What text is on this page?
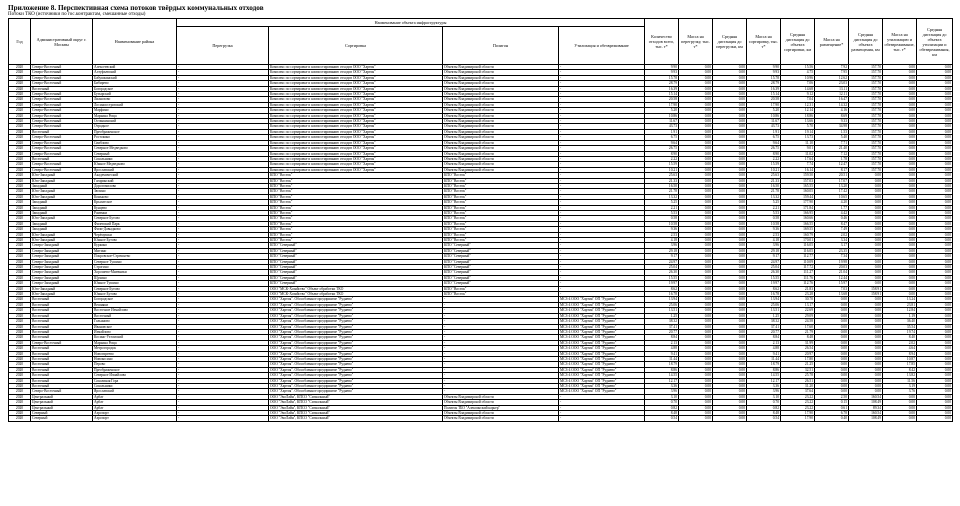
Приложение 8. Перспективная схема потоков твёрдых коммунальных отходов
Потоки ТКО (источники по гос.контрактам, смешанные отходы)
Год	Административный округ г. Москвы	Наименование района	Наименование объекта инфраструктуры				Количество отходов всего, тыс. т*	Масса на перегрузку, тыс. т*	Средняя дистанция до перегрузки, км	Масса на сортировку, тыс. т*	Средняя дистанция до объекта сортировки, км	Масса на размещение*	Средняя дистанция до объекта размещения, км	Масса на утилизацию и обезвреживание, тыс. т*	Средняя дистанция до объекта утилизации и обезвреживания, км
			Перегрузка	Сортировка	Полигон	Утилизация и обезвреживание									
2020	Северо-Восточный	Алексеевский	-	Комплекс по сортировке и компостированию отходов ООО "Хартия"	Объекты Владимирской области	-	9.90	0.00	0.00	9.90	15.56	7.92	157.70	0.00	0.00
2020	Северо-Восточный	Алтуфьевский	-	Комплекс по сортировке и компостированию отходов ООО "Хартия"	Объекты Владимирской области	-	9.93	0.00	0.00	9.93	4.75	7.95	157.70	0.00	0.00
2020	Северо-Восточный	Бабушкинский	-	Комплекс по сортировке и компостированию отходов ООО "Хартия"	Объекты Владимирской области	-	15.78	0.00	0.00	15.78	10.96	12.62	157.70	0.00	0.00
2020	Северо-Восточный	Бибирево	-	Комплекс по сортировке и компостированию отходов ООО "Хартия"	Объекты Владимирской области	-	28.79	0.00	0.00	28.79	7.06	23.03	157.70	0.00	0.00
2020	Восточный	Богородское	-	Комплекс по сортировке и компостированию отходов ООО "Хартия"	Объекты Владимирской области	-	16.39	0.00	0.00	16.39	14.68	13.11	157.70	0.00	0.00
2020	Северо-Восточный	Бутырский	-	Комплекс по сортировке и компостированию отходов ООО "Хартия"	Объекты Владимирской области	-	15.14	0.00	0.00	15.14	9.12	12.11	157.70	0.00	0.00
2020	Северо-Восточный	Лианозово	-	Комплекс по сортировке и компостированию отходов ООО "Хартия"	Объекты Владимирской области	-	20.58	0.00	0.00	20.58	7.04	16.47	157.70	0.00	0.00
2020	Северо-Восточный	Лосиноостровский	-	Комплекс по сортировке и компостированию отходов ООО "Хартия"	Объекты Владимирской области	-	17.90	0.00	0.00	17.90	12.31	14.32	157.70	0.00	0.00
2020	Северо-Восточный	Марфино	-	Комплекс по сортировке и компостированию отходов ООО "Хартия"	Объекты Владимирской области	-	5.20	0.00	0.00	5.20	12.14	4.16	157.70	0.00	0.00
2020	Северо-Восточный	Марьина Роща	-	Комплекс по сортировке и компостированию отходов ООО "Хартия"	Объекты Владимирской области	-	10.86	0.00	0.00	10.86	18.86	8.69	157.70	0.00	0.00
2020	Северо-Восточный	Останкинский	-	Комплекс по сортировке и компостированию отходов ООО "Хартия"	Объекты Владимирской области	-	11.67	0.00	0.00	11.67	13.66	9.33	157.70	0.00	0.00
2020	Северо-Восточный	Отрадное	-	Комплекс по сортировке и компостированию отходов ООО "Хартия"	Объекты Владимирской области	-	43.73	0.00	0.00	43.73	5.70	34.98	157.70	0.00	0.00
2020	Восточный	Преображенское	-	Комплекс по сортировке и компостированию отходов ООО "Хартия"	Объекты Владимирской области	-	1.91	0.00	0.00	1.91	19.14	1.53	157.70	0.00	0.00
2020	Северо-Восточный	Ростокино	-	Комплекс по сортировке и компостированию отходов ООО "Хартия"	Объекты Владимирской области	-	6.75	0.00	0.00	6.75	13.73	5.40	157.70	0.00	0.00
2020	Северо-Восточный	Свиблово	-	Комплекс по сортировке и компостированию отходов ООО "Хартия"	Объекты Владимирской области	-	9.64	0.00	0.00	9.64	11.10	7.71	157.70	0.00	0.00
2020	Северо-Восточный	Северное Медведково	-	Комплекс по сортировке и компостированию отходов ООО "Хартия"	Объекты Владимирской области	-	26.75	0.00	0.00	26.75	9.01	21.40	157.70	0.00	0.00
2020	Северо-Восточный	Северный	-	Комплекс по сортировке и компостированию отходов ООО "Хартия"	Объекты Владимирской области	-	8.90	0.00	0.00	8.90	11.02	7.12	157.70	0.00	0.00
2020	Восточный	Сокольники	-	Комплекс по сортировке и компостированию отходов ООО "Хартия"	Объекты Владимирской области	-	2.22	0.00	0.00	2.22	17.64	1.78	157.70	0.00	0.00
2020	Северо-Восточный	Южное Медведково	-	Комплекс по сортировке и компостированию отходов ООО "Хартия"	Объекты Владимирской области	-	15.59	0.00	0.00	15.59	7.74	12.47	157.70	0.00	0.00
2020	Северо-Восточный	Ярославский	-	Комплекс по сортировке и компостированию отходов ООО "Хартия"	Объекты Владимирской области	-	10.21	0.00	0.00	10.21	16.14	8.17	157.70	0.00	0.00
2020	Юго-Западный	Академический	-	КПО "Восток"	КПО "Восток"	-	25.63	0.00	0.00	25.63	159.50	20.51	0.00	0.00	0.00
2020	Юго-Западный	Гагаринский	-	КПО "Восток"	КПО "Восток"	-	21.33	0.00	0.00	21.33	157.03	17.07	0.00	0.00	0.00
2020	Западный	Дорогомилово	-	КПО "Восток"	КПО "Восток"	-	16.50	0.00	0.00	16.50	165.55	13.20	0.00	0.00	0.00
2020	Юго-Западный	Зюзино	-	КПО "Восток"	КПО "Восток"	-	21.78	0.00	0.00	21.78	160.05	17.42	0.00	0.00	0.00
2020	Юго-Западный	Коньково	-	КПО "Восток"	КПО "Восток"	-	13.32	0.00	0.00	13.32	159.44	10.65	0.00	0.00	0.00
2020	Западный	Крылатское	-	КПО "Восток"	КПО "Восток"	-	5.25	0.00	0.00	5.25	177.90	4.20	0.00	0.00	0.00
2020	Западный	Кунцево	-	КПО "Восток"	КПО "Восток"	-	2.21	0.00	0.00	2.21	171.84	1.77	0.00	0.00	0.00
2020	Западный	Раменки	-	КПО "Восток"	КПО "Восток"	-	5.53	0.00	0.00	5.53	166.95	4.42	0.00	0.00	0.00
2020	Юго-Западный	Северное Бутово	-	КПО "Восток"	КПО "Восток"	-	0.58	0.00	0.00	0.58	160.66	0.46	0.00	0.00	0.00
2020	Западный	Филевский Парк	-	КПО "Восток"	КПО "Восток"	-	10.58	0.00	0.00	10.58	166.55	8.47	0.00	0.00	0.00
2020	Западный	Фили-Давыдково	-	КПО "Восток"	КПО "Восток"	-	9.36	0.00	0.00	9.36	169.55	7.49	0.00	0.00	0.00
2020	Юго-Западный	Черёмушки	-	КПО "Восток"	КПО "Восток"	-	2.53	0.00	0.00	2.53	160.79	2.02	0.00	0.00	0.00
2020	Юго-Западный	Южное Бутово	-	КПО "Восток"	КПО "Восток"	-	4.18	0.00	0.00	4.18	170.01	3.34	0.00	0.00	0.00
2020	Северо-Западный	Куркино	-	КПО "Северный"	КПО "Северный"	-	3.96	0.00	0.00	3.96	116.05	3.17	0.00	0.00	0.00
2020	Северо-Западный	Митино	-	КПО "Северный"	КПО "Северный"	-	29.18	0.00	0.00	29.18	116.05	23.35	0.00	0.00	0.00
2020	Северо-Западный	Покровское-Стрешнево	-	КПО "Северный"	КПО "Северный"	-	9.17	0.00	0.00	9.17	112.77	7.34	0.00	0.00	0.00
2020	Северо-Западный	Северное Тушино	-	КПО "Северный"	КПО "Северный"	-	24.97	0.00	0.00	24.97	110.09	19.98	0.00	0.00	0.00
2020	Северо-Западный	Строгино	-	КПО "Северный"	КПО "Северный"	-	25.04	0.00	0.00	25.04	117.72	20.03	0.00	0.00	0.00
2020	Северо-Западный	Хорошево-Мневники	-	КПО "Северный"	КПО "Северный"	-	26.30	0.00	0.00	26.30	111.27	21.04	0.00	0.00	0.00
2020	Северо-Западный	Щукино	-	КПО "Северный"	КПО "Северный"	-	15.55	0.00	0.00	15.55	111.76	12.44	0.00	0.00	0.00
2020	Северо-Западный	Южное Тушино	-	КПО "Северный"	КПО "Северный"	-	19.97	0.00	0.00	19.97	112.76	15.97	0.00	0.00	0.00
2020	Юго-Западный	Северное Бутово	-	ООО "МСК-Хозяйство" Объект обработки ТКО	КПО "Восток"	-	8.62	0.00	0.00	8.62	21.83	7.03	158.91	0.00	0.00
2020	Юго-Западный	Южное Бутово	-	ООО "МСК-Хозяйство" Объект обработки ТКО	КПО "Восток"	-	16.78	0.00	0.00	16.78	23.28	13.68	158.91	0.00	0.00
2020	Восточный	Богородское	-	ООО "Хартия". Обособленное предприятие "Руднево"	-	МСЗ-4 ООО "Хартия" ОП "Руднево"	13.94	0.00	0.00	13.94	30.70	0.00	0.00	13.24	0.00
2020	Восточный	Вешняки	-	ООО "Хартия". Обособленное предприятие "Руднево"	-	МСЗ-4 ООО "Хартия" ОП "Руднево"	25.06	0.00	0.00	25.06	13.17	0.00	0.00	23.81	0.00
2020	Восточный	Восточное Измайлово	-	ООО "Хартия". Обособленное предприятие "Руднево"	-	МСЗ-4 ООО "Хартия" ОП "Руднево"	13.51	0.00	0.00	13.51	22.69	0.00	0.00	12.84	0.00
2020	Восточный	Восточный	-	ООО "Хартия". Обособленное предприятие "Руднево"	-	МСЗ-4 ООО "Хартия" ОП "Руднево"	1.25	0.00	0.00	1.25	29.09	0.00	0.00	1.19	0.00
2020	Восточный	Гольяново	-	ООО "Хартия". Обособленное предприятие "Руднево"	-	МСЗ-4 ООО "Хартия" ОП "Руднево"	38.32	0.00	0.00	38.32	24.58	0.00	0.00	36.40	0.00
2020	Восточный	Ивановское	-	ООО "Хартия". Обособленное предприятие "Руднево"	-	МСЗ-4 ООО "Хартия" ОП "Руднево"	37.41	0.00	0.00	37.41	17.60	0.00	0.00	35.54	0.00
2020	Восточный	Измайлово	-	ООО "Хартия". Обособленное предприятие "Руднево"	-	МСЗ-4 ООО "Хартия" ОП "Руднево"	20.77	0.00	0.00	20.77	21.79	0.00	0.00	19.74	0.00
2020	Восточный	Косино-Ухтомский	-	ООО "Хартия". Обособленное предприятие "Руднево"	-	МСЗ-4 ООО "Хартия" ОП "Руднево"	8.84	0.00	0.00	8.84	8.48	0.00	0.00	8.40	0.00
2020	Северо-Восточный	Марьина Роща	-	ООО "Хартия". Обособленное предприятие "Руднево"	-	МСЗ-4 ООО "Хартия" ОП "Руднево"	2.13	0.00	0.00	2.13	31.99	0.00	0.00	2.02	0.00
2020	Восточный	Метрогородок	-	ООО "Хартия". Обособленное предприятие "Руднево"	-	МСЗ-4 ООО "Хартия" ОП "Руднево"	4.88	0.00	0.00	4.88	26.54	0.00	0.00	4.64	0.00
2020	Восточный	Новогиреево	-	ООО "Хартия". Обособленное предприятие "Руднево"	-	МСЗ-4 ООО "Хартия" ОП "Руднево"	9.41	0.00	0.00	9.41	20.97	0.00	0.00	8.94	0.00
2020	Восточный	Новокосино	-	ООО "Хартия". Обособленное предприятие "Руднево"	-	МСЗ-4 ООО "Хартия" ОП "Руднево"	11.44	0.00	0.00	11.44	17.80	0.00	0.00	10.87	0.00
2020	Восточный	Перово	-	ООО "Хартия". Обособленное предприятие "Руднево"	-	МСЗ-4 ООО "Хартия" ОП "Руднево"	18.79	0.00	0.00	18.79	21.25	0.00	0.00	17.85	0.00
2020	Восточный	Преображенское	-	ООО "Хартия". Обособленное предприятие "Руднево"	-	МСЗ-4 ООО "Хартия" ОП "Руднево"	8.86	0.00	0.00	8.86	32.51	0.00	0.00	8.42	0.00
2020	Восточный	Северное Измайлово	-	ООО "Хартия". Обособленное предприятие "Руднево"	-	МСЗ-4 ООО "Хартия" ОП "Руднево"	14.55	0.00	0.00	14.55	25.78	0.00	0.00	13.82	0.00
2020	Восточный	Соколиная Гора	-	ООО "Хартия". Обособленное предприятие "Руднево"	-	МСЗ-4 ООО "Хартия" ОП "Руднево"	12.17	0.00	0.00	12.17	26.51	0.00	0.00	11.56	0.00
2020	Восточный	Сокольники	-	ООО "Хартия". Обособленное предприятие "Руднево"	-	МСЗ-4 ООО "Хартия" ОП "Руднево"	3.36	0.00	0.00	3.36	31.20	0.00	0.00	3.19	0.00
2020	Северо-Восточный	Ярославский	-	ООО "Хартия". Обособленное предприятие "Руднево"	-	МСЗ-4 ООО "Хартия" ОП "Руднево"	3.96	0.00	0.00	3.96	37.64	0.00	0.00	3.76	0.00
2020	Центральный	Арбат	-	ООО "ЭкоЛайн", КПСО "Сигнальный"	Объекты Владимирской области	-	3.10	0.00	0.00	3.10	23.22	2.50	160.54	0.00	0.00
2020	Центральный	Арбат	-	ООО "ЭкоЛайн", КПСО "Сигнальный"	Объекты Владимирской области	-	0.70	0.00	0.00	0.70	23.22	0.15	108.49	0.00	0.00
2020	Центральный	Арбат	-	ООО "ЭкоЛайн", КПСО "Сигнальный"	Полигон ТБО "Алексинский карьер"	-	0.82	0.00	0.00	0.82	23.22	0.61	89.34	0.00	0.00
2020	Северный	Аэропорт	-	ООО "ЭкоЛайн", КПСО "Сигнальный"	Объекты Владимирской области	-	8.48	0.00	0.00	8.48	17.90	6.78	160.54	0.00	0.00
2020	Северный	Аэропорт	-	ООО "ЭкоЛайн", КПСО "Сигнальный"	Объекты Владимирской области	-	0.54	0.00	0.00	0.54	17.90	0.40	108.49	0.00	0.00
